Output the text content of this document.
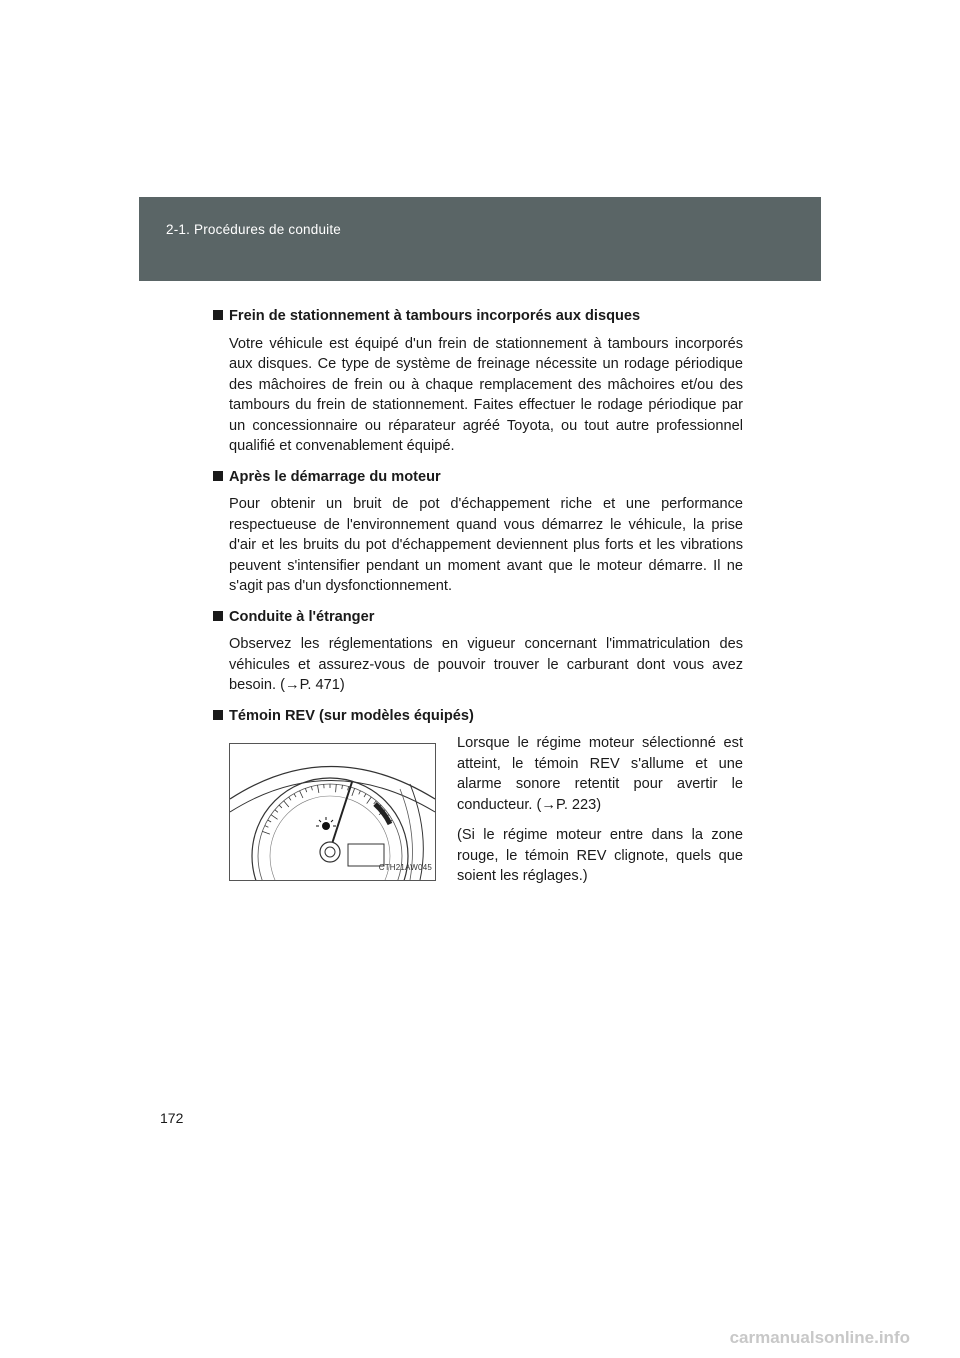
2-1. Procédures de conduite
Frein de stationnement à tambours incorporés aux disques

Votre véhicule est équipé d'un frein de stationnement à tambours incorporés aux disques. Ce type de système de freinage nécessite un rodage périodique des mâchoires de frein ou à chaque remplacement des mâchoires et/ou des tambours du frein de stationnement. Faites effectuer le rodage périodique par un concessionnaire ou réparateur agréé Toyota, ou tout autre professionnel qualifié et convenablement équipé.

Après le démarrage du moteur

Pour obtenir un bruit de pot d'échappement riche et une performance respectueuse de l'environnement quand vous démarrez le véhicule, la prise d'air et les bruits du pot d'échappement deviennent plus forts et les vibrations peuvent s'intensifier pendant un moment avant que le moteur démarre. Il ne s'agit pas d'un dysfonctionnement.

Conduite à l'étranger

Observez les réglementations en vigueur concernant l'immatriculation des véhicules et assurez-vous de pouvoir trouver le carburant dont vous avez besoin. (→P. 471)

Témoin REV (sur modèles équipés)
CTH21AW045

Lorsque le régime moteur sélectionné est atteint, le témoin REV s'allume et une alarme sonore retentit pour avertir le conducteur. (→P. 223)

(Si le régime moteur entre dans la zone rouge, le témoin REV clignote, quels que soient les réglages.)

172
carmanualsonline.info
